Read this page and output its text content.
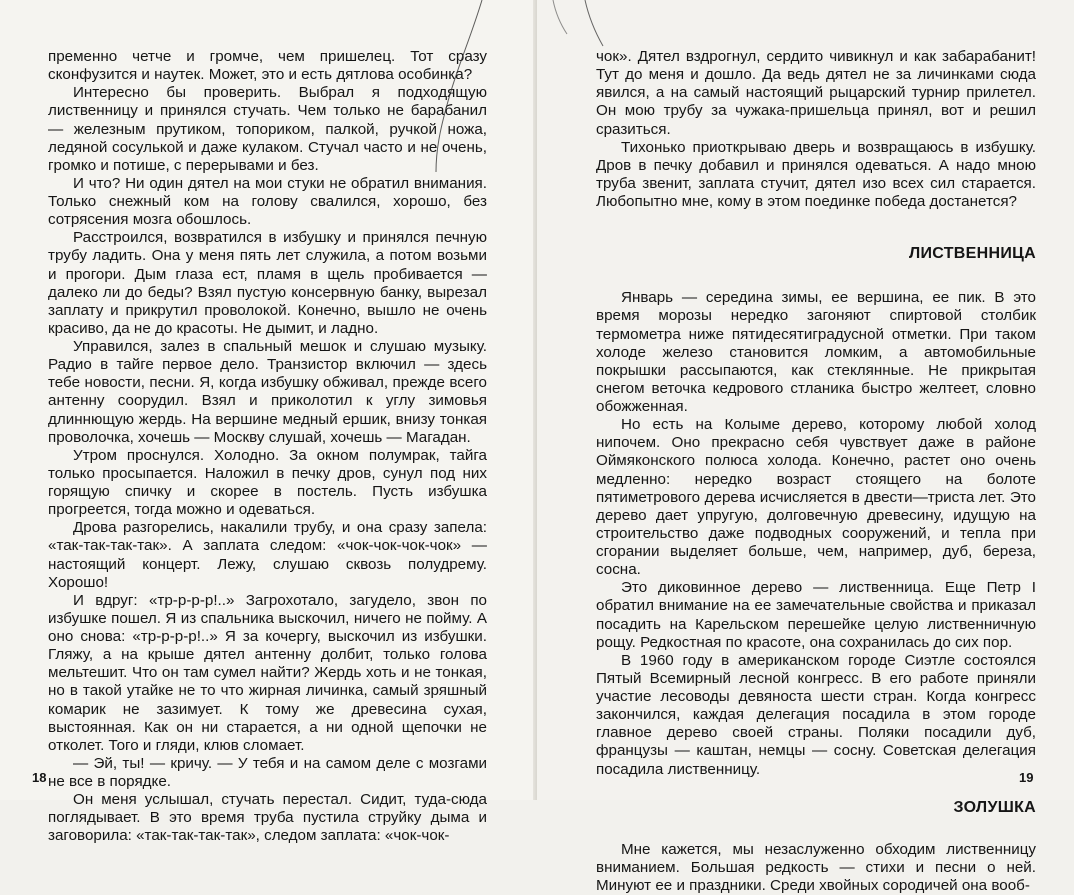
пременно четче и громче, чем пришелец. Тот сразу сконфузится и наутек. Может, это и есть дятлова особинка?

Интересно бы проверить. Выбрал я подходящую лиственницу и принялся стучать. Чем только не барабанил — железным прутиком, топориком, палкой, ручкой ножа, ледяной сосулькой и даже кулаком. Стучал часто и не очень, громко и потише, с перерывами и без.

И что? Ни один дятел на мои стуки не обратил внимания. Только снежный ком на голову свалился, хорошо, без сотрясения мозга обошлось.

Расстроился, возвратился в избушку и принялся печную трубу ладить. Она у меня пять лет служила, а потом возьми и прогори. Дым глаза ест, пламя в щель пробивается — далеко ли до беды? Взял пустую консервную банку, вырезал заплату и прикрутил проволокой. Конечно, вышло не очень красиво, да не до красоты. Не дымит, и ладно.

Управился, залез в спальный мешок и слушаю музыку. Радио в тайге первое дело. Транзистор включил — здесь тебе новости, песни. Я, когда избушку обживал, прежде всего антенну соорудил. Взял и приколотил к углу зимовья длиннющую жердь. На вершине медный ершик, внизу тонкая проволочка, хочешь — Москву слушай, хочешь — Магадан.

Утром проснулся. Холодно. За окном полумрак, тайга только просыпается. Наложил в печку дров, сунул под них горящую спичку и скорее в постель. Пусть избушка прогреется, тогда можно и одеваться.

Дрова разгорелись, накалили трубу, и она сразу запела: «так-так-так-так». А заплата следом: «чок-чок-чок-чок» — настоящий концерт. Лежу, слушаю сквозь полудрему. Хорошо!

И вдруг: «тр-р-р-р!..» Загрохотало, загудело, звон по избушке пошел. Я из спальника выскочил, ничего не пойму. А оно снова: «тр-р-р-р!..» Я за кочергу, выскочил из избушки. Гляжу, а на крыше дятел антенну долбит, только голова мельтешит. Что он там сумел найти? Жердь хоть и не тонкая, но в такой утайке не то что жирная личинка, самый зряшный комарик не зазимует. К тому же древесина сухая, выстоянная. Как он ни старается, а ни одной щепочки не отколет. Того и гляди, клюв сломает.

— Эй, ты! — кричу. — У тебя и на самом деле с мозгами не все в порядке.

Он меня услышал, стучать перестал. Сидит, туда-сюда поглядывает. В это время труба пустила струйку дыма и заговорила: «так-так-так-так», следом заплата: «чок-чок-

18

чок». Дятел вздрогнул, сердито чивикнул и как забарабанит! Тут до меня и дошло. Да ведь дятел не за личинками сюда явился, а на самый настоящий рыцарский турнир прилетел. Он мою трубу за чужака-пришельца принял, вот и решил сразиться.

Тихонько приоткрываю дверь и возвращаюсь в избушку. Дров в печку добавил и принялся одеваться. А надо мною труба звенит, заплата стучит, дятел изо всех сил старается. Любопытно мне, кому в этом поединке победа достанется?

ЛИСТВЕННИЦА

Январь — середина зимы, ее вершина, ее пик. В это время морозы нередко загоняют спиртовой столбик термометра ниже пятидесятиградусной отметки. При таком холоде железо становится ломким, а автомобильные покрышки рассыпаются, как стеклянные. Не прикрытая снегом веточка кедрового стланика быстро желтеет, словно обожженная.

Но есть на Колыме дерево, которому любой холод нипочем. Оно прекрасно себя чувствует даже в районе Оймяконского полюса холода. Конечно, растет оно очень медленно: нередко возраст стоящего на болоте пятиметрового дерева исчисляется в двести—триста лет. Это дерево дает упругую, долговечную древесину, идущую на строительство даже подводных сооружений, и тепла при сгорании выделяет больше, чем, например, дуб, береза, сосна.

Это диковинное дерево — лиственница. Еще Петр I обратил внимание на ее замечательные свойства и приказал посадить на Карельском перешейке целую лиственничную рощу. Редкостная по красоте, она сохранилась до сих пор.

В 1960 году в американском городе Сиэтле состоялся Пятый Всемирный лесной конгресс. В его работе приняли участие лесоводы девяноста шести стран. Когда конгресс закончился, каждая делегация посадила в этом городе главное дерево своей страны. Поляки посадили дуб, французы — каштан, немцы — сосну. Советская делегация посадила лиственницу.

ЗОЛУШКА

Мне кажется, мы незаслуженно обходим лиственницу вниманием. Большая редкость — стихи и песни о ней. Минуют ее и праздники. Среди хвойных сородичей она вооб-

19
